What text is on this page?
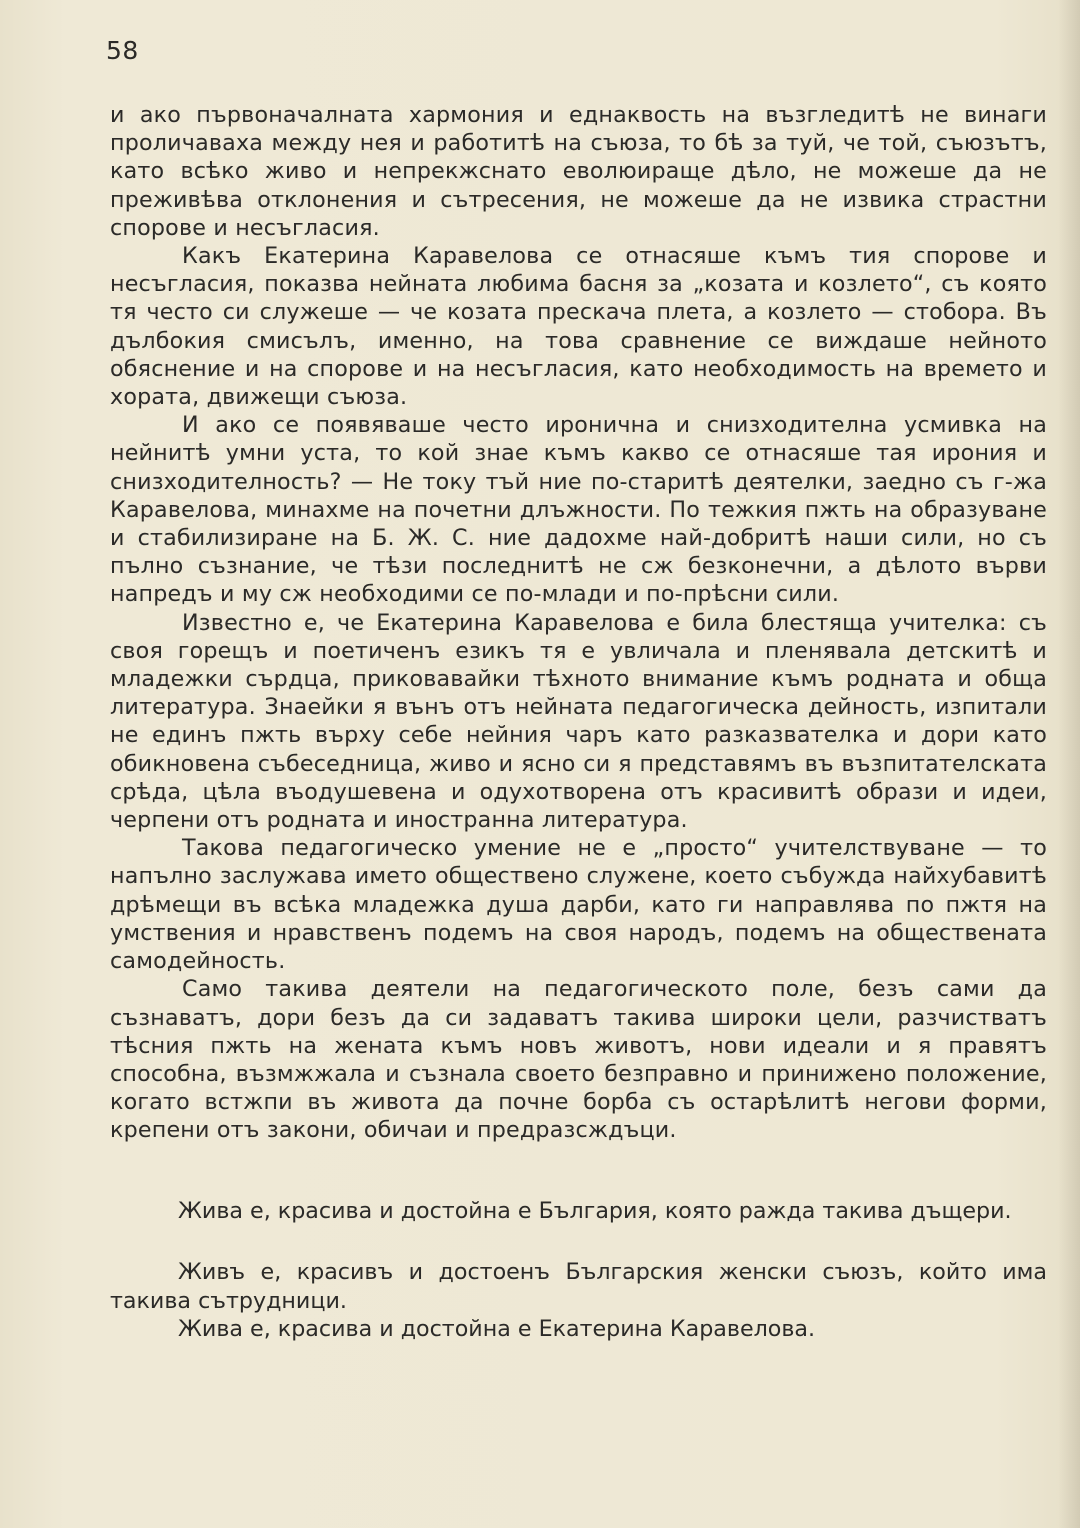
58

и ако първоначалната хармония и еднаквость на възгледитѣ не винаги проличаваха между нея и работитѣ на съюза, то бѣ за туй, че той, съюзътъ, като всѣко живо и непрекжснато еволюираще дѣло, не можеше да не преживѣва отклонения и сътресения, не можеше да не извика страстни спорове и несъгласия.

Какъ Екатерина Каравелова се отнасяше къмъ тия спорове и несъгласия, показва нейната любима басня за „козата и козлето“, съ която тя често си служеше — че козата прескача плета, а козлето — стобора. Въ дълбокия смисълъ, именно, на това сравнение се виждаше нейното обяснение и на спорове и на несъгласия, като необходимость на времето и хората, движещи съюза.

И ако се появяваше често иронична и снизходителна усмивка на нейнитѣ умни уста, то кой знае къмъ какво се отнасяше тая ирония и снизходителность? — Не току тъй ние по-старитѣ деятелки, заедно съ г-жа Каравелова, минахме на почетни длъжности. По тежкия пжть на образуване и стабилизиране на Б. Ж. С. ние дадохме най-добритѣ наши сили, но съ пълно съзнание, че тѣзи последнитѣ не сж безконечни, а дѣлото върви напредъ и му сж необходими се по-млади и по-прѣсни сили.

Известно е, че Екатерина Каравелова е била блестяща учителка: съ своя горещъ и поетиченъ езикъ тя е увличала и пленявала детскитѣ и младежки сърдца, приковавайки тѣхното внимание къмъ родната и обща литература. Знаейки я вънъ отъ нейната педагогическа дейность, изпитали не единъ пжть върху себе нейния чаръ като разказвателка и дори като обикновена събеседница, живо и ясно си я представямъ въ възпитателската срѣда, цѣла въодушевена и одухотворена отъ красивитѣ образи и идеи, черпени отъ родната и иностранна литература.

Такова педагогическо умение не е „просто“ учителствуване — то напълно заслужава името обществено служене, което събужда найхубавитѣ дрѣмещи въ всѣка младежка душа дарби, като ги направлява по пжтя на умствения и нравственъ подемъ на своя народъ, подемъ на обществената самодейность.

Само такива деятели на педагогическото поле, безъ сами да съзнаватъ, дори безъ да си задаватъ такива широки цели, разчистватъ тѣсния пжть на жената къмъ новъ животъ, нови идеали и я правятъ способна, възмжжала и съзнала своето безправно и принижено положение, когато встжпи въ живота да почне борба съ остарѣлитѣ негови форми, крепени отъ закони, обичаи и предразсждъци.

Жива е, красива и достойна е България, която ражда такива дъщери.

Живъ е, красивъ и достоенъ Българския женски съюзъ, който има такива сътрудници.

Жива е, красива и достойна е Екатерина Каравелова.
